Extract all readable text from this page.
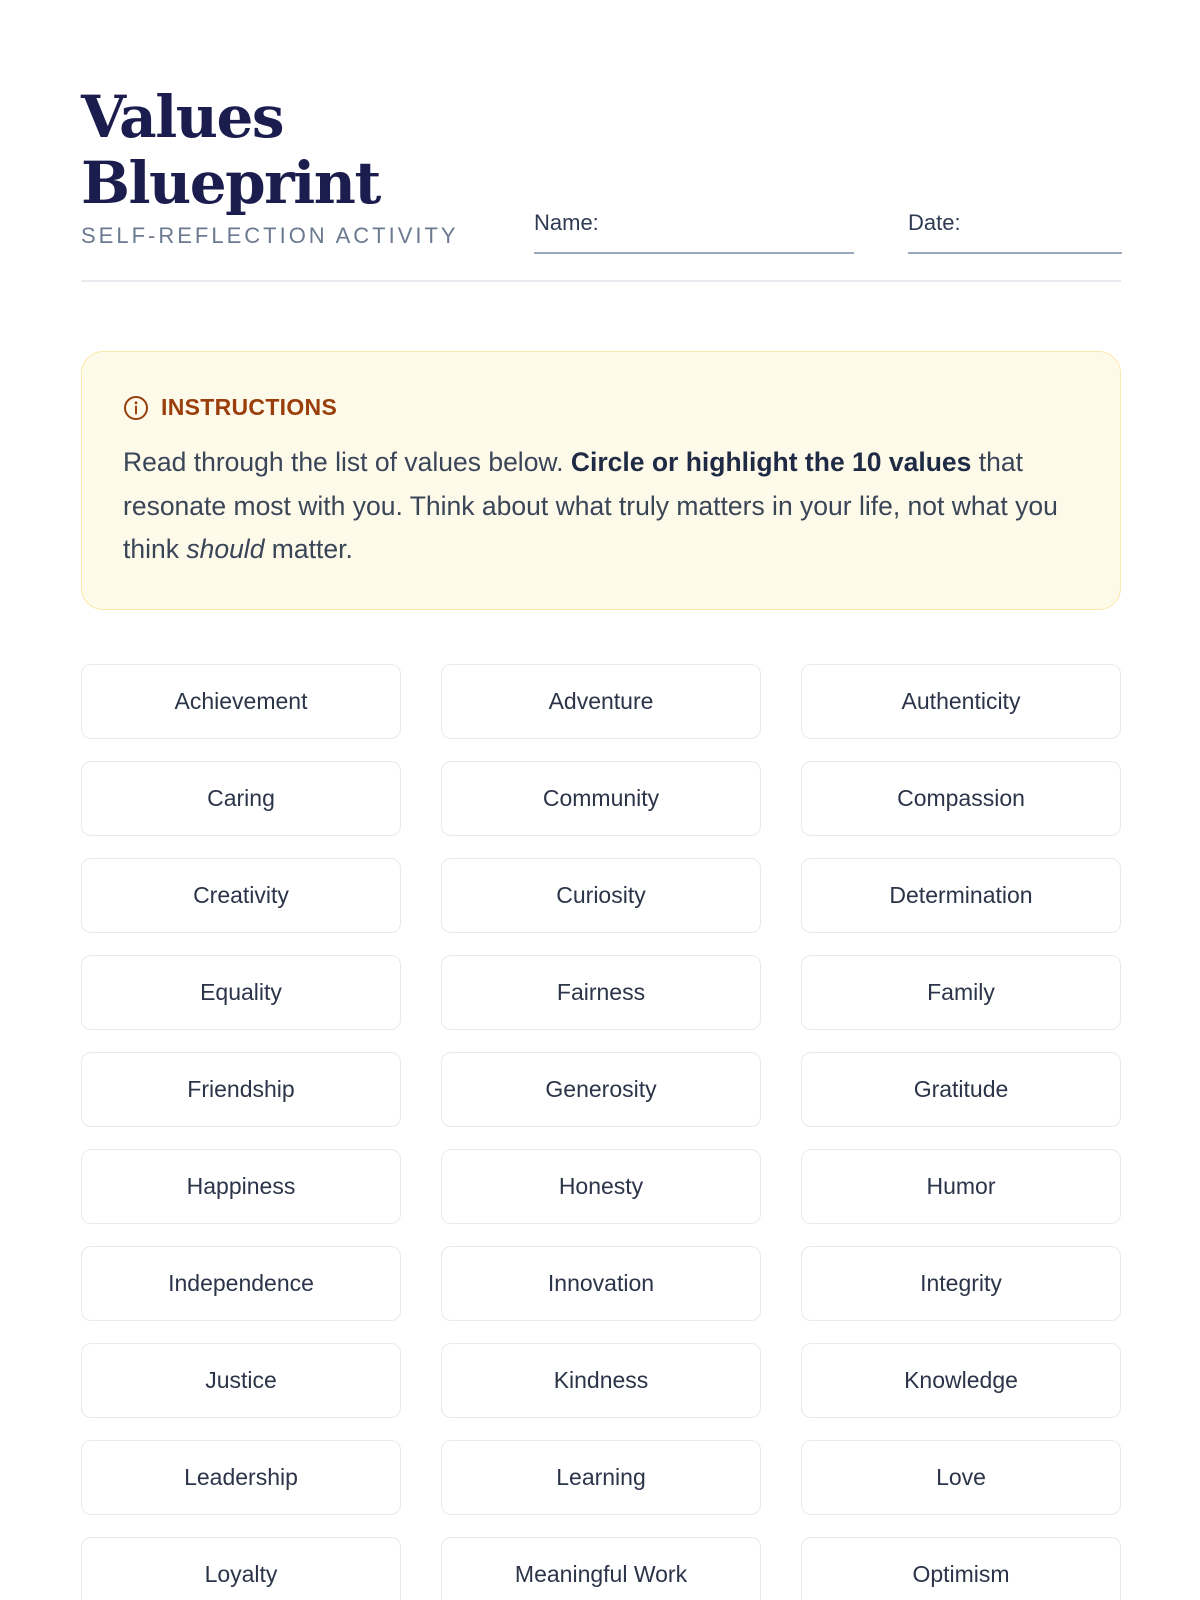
Values
Blueprint
SELF-REFLECTION ACTIVITY
Name:	Date:
INSTRUCTIONS

Read through the list of values below. Circle or highlight the 10 values that resonate most with you. Think about what truly matters in your life, not what you think should matter.

Achievement	Adventure	Authenticity
Caring	Community	Compassion
Creativity	Curiosity	Determination
Equality	Fairness	Family
Friendship	Generosity	Gratitude
Happiness	Honesty	Humor
Independence	Innovation	Integrity
Justice	Kindness	Knowledge
Leadership	Learning	Love
Loyalty	Meaningful Work	Optimism
